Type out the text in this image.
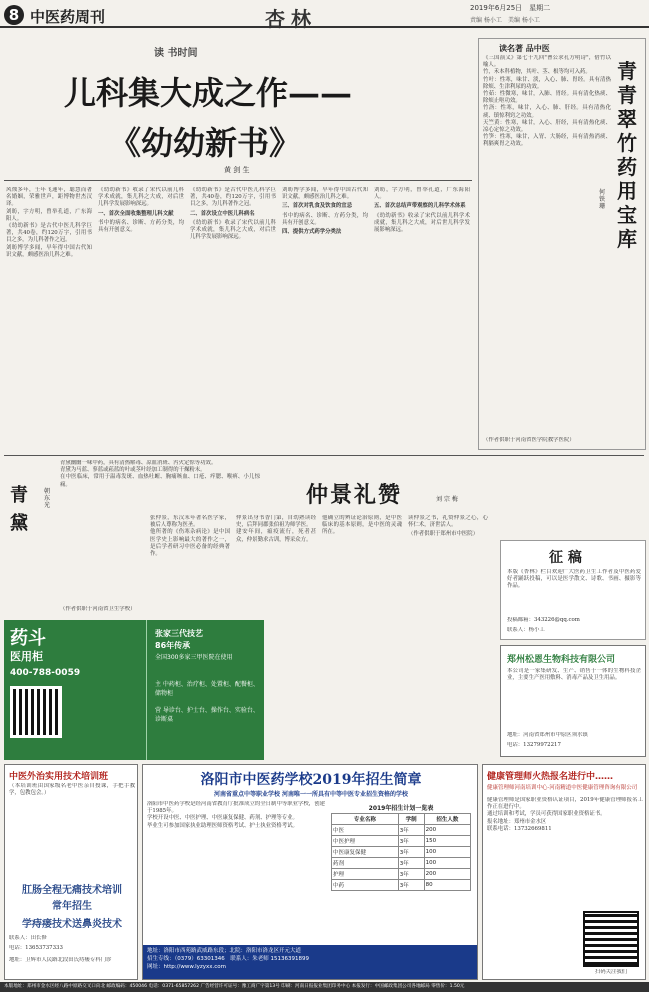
8 中医药周刊	杏林	2019年6月25日　 星期二
责编 杨小工　 美编 杨小工
读 书时间
儿科集大成之作——
《幼幼新书》
黄 剑 生

风烛多年，壬年飞速年，聪慧而著名婚姻，荣雅世声，距博物世杰汉译。

刘昉，字方明，曾举孔道，广东海阳人。

《幼幼新书》是古代中医儿科学巨著，共40卷，约120万字，引用书目之多，为儿科著作之冠。

刘昉博学多闻，早年得中国古代知识文献，颇感医治儿科之难。

《幼幼新书》收录了宋代以前儿科学术成就，集儿科之大成，对后世儿科学发展影响深远。

一、首次全面收集整理儿科文献

书中的病名、诊断、方药分类，均具有开创意义。

《幼幼新书》是古代中医儿科学巨著，共40卷，约120万字，引用书目之多，为儿科著作之冠。

二、首次设立中医儿科病名

《幼幼新书》收录了宋代以前儿科学术成就，集儿科之大成，对后世儿科学发展影响深远。

刘昉博学多闻，早年得中国古代知识文献，颇感医治儿科之难。

三、首次对乳食及饮食的宜忌

书中的病名、诊断、方药分类，均具有开创意义。

四、提供方式药学分类法

刘昉，字方明，曾举孔道，广东海阳人。

五、首次总结声带观察的儿科学术体系

《幼幼新书》收录了宋代以前儿科学术成就，集儿科之大成，对后世儿科学发展影响深远。

读名著 品中医
青青翠竹 药用宝库
何 铁 珊

《三国演义》第七十九回"曹公求孔方明诗"，借竹以喻人。

竹，禾本科植物，其叶、茎、根等均可入药。

竹叶：性寒，味甘、淡，入心、肺、胃经。具有清热除烦、生津利尿的功效。

竹茹：性微寒，味甘，入肺、胃经。具有清化热痰、除烦止呕功效。

竹沥：性寒，味甘，入心、肺、肝经。具有清热化痰、镇惊利窍之功效。

天竺黄：性寒，味甘，入心、肝经，具有清热化痰、凉心定惊之功效。

竹笋：性寒，味甘，入胃、大肠经，具有清热消痰、利膈爽胃之功效。

（作者供职于河南省医学院教学医院）
青黛
朝东光

青黛幽幽一味中药，具有清热解毒、凉血消斑、泻火定惊等功效。

青黛为马蓝、蓼蓝或菘蓝的叶或茎叶经加工制得的干燥粉末。

在中医临床，常用于温毒发斑、血热吐衄、胸痛咳血、口疮、痄腮、喉痹、小儿惊痫。

（作者供职于河南省卫生学校）
仲景礼赞	刘 宗 梅

张仲景，东汉末年著名医学家，被后人尊称为医圣。

他所著的《伤寒杂病论》是中国医学史上影响最大的著作之一，是后学者研习中医必备的经典著作。

仲景出身书香门第，自幼熟读经史，后拜同郡张伯祖为师学医。

建安年间，瘟疫流行，死者甚众，仲景勤求古训，博采众方。

他确立的辨证论治原则，是中医临床的基本原则，是中医的灵魂所在。

读仲景之书，礼赞仲景之心，心怀仁术，济世活人。

（作者供职于郑州市中医院）

药斗
医用柜
400-788-0059
张家三代技艺
86年传承
全国300多家三甲医院在使用
主 中药柜、治疗柜、处置柜、配餐柜、储物柜
营 导诊台、护士台、操作台、实验台、诊断桌
征 稿
本版《杏林》栏目欢迎广大医药卫生工作者及中医药爱好者踊跃投稿，可以是医学散文、诗歌、书画、摄影等作品。
投稿邮箱：343226@qq.com
联系人：杨小工
郑州松恩生物科技有限公司
本公司是一家集研发、生产、销售于一体的生物科技企业，主要生产医用敷料、消毒产品及卫生用品。
地址：河南省郑州市中原区须水镇
电话：13279972217
中医外治实用技术培训班
（本培训班由国家级名老中医亲自授课，手把手教学，包教包会。）
肛肠全程无痛技术培训
常年招生
学痔瘘技术送鼻炎技术
联系人：田长修
电话：13653737333
地址：卫辉市人民路北段田氏痔瘘专科门诊
洛阳市中医药学校2019年招生简章
河南省重点中等职业学校 河南唯一一所具有中等中医专业招生资格的学校

洛阳市中医药学校是经河南省教育厅批准成立的全日制中等职业学校，创建于1985年。

学校开设中医、中医护理、中医康复保健、药剂、护理等专业。

毕业生可参加国家执业助理医师资格考试、护士执业资格考试。

2019年招生计划一览表
专业名称	学制	招生人数
中医	3年	200
中医护理	3年	150
中医康复保健	3年	100
药剂	3年	100
护理	3年	200
中药	3年	80
地址：洛阳市西苑路武威路东段；北院：洛阳市洛龙区开元大道
招生专线：（0379）63301346　 联系人：朱老师 15136391899
网址：http://www.lyzyxx.com
健康管理师火热报名进行中……
健康管理师河南培训中心·河南精道中医健康管理咨询有限公司

健康管理师是国家职业资格认证项目，2019年健康管理师报名工作正在进行中。

通过培训和考试，学员可获得国家职业资格证书。

报名地址：郑州市金水区

联系电话：13732669811

扫码关注我们
本版地址：郑州市金水区经八路中原路交叉口向北 邮政编码：450046 电话：0371-65857262 广告经营许可证号：豫工商广字第13号 印刷：河南日报报业集团印务中心 本报发行：中国邮政集团公司各地邮局 零售价：1.50元
